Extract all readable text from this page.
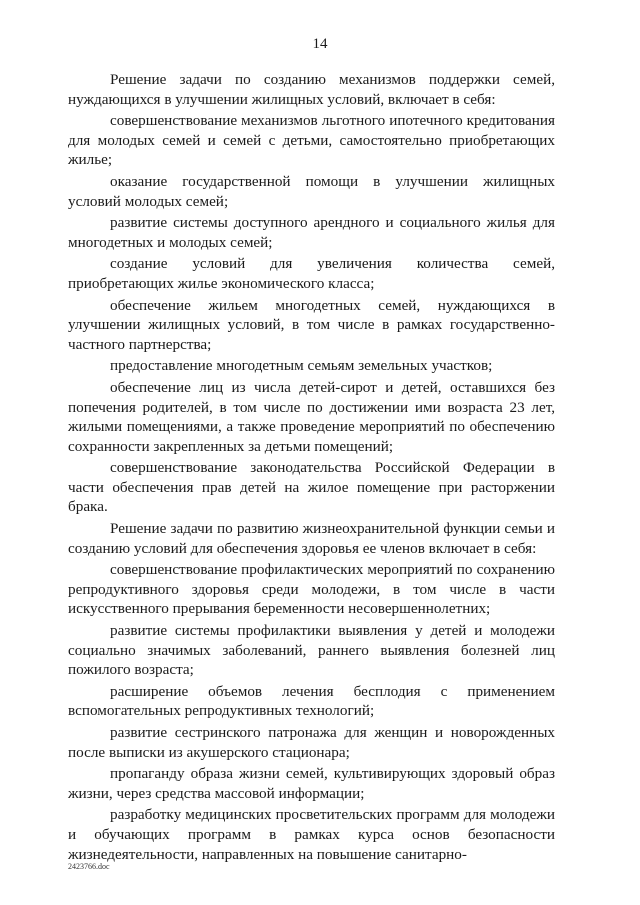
14

Решение задачи по созданию механизмов поддержки семей, нуждающихся в улучшении жилищных условий, включает в себя:

совершенствование механизмов льготного ипотечного кредитования для молодых семей и семей с детьми, самостоятельно приобретающих жилье;

оказание государственной помощи в улучшении жилищных условий молодых семей;

развитие системы доступного арендного и социального жилья для многодетных и молодых семей;

создание условий для увеличения количества семей, приобретающих жилье экономического класса;

обеспечение жильем многодетных семей, нуждающихся в улучшении жилищных условий, в том числе в рамках государственно-частного партнерства;

предоставление многодетным семьям земельных участков;

обеспечение лиц из числа детей-сирот и детей, оставшихся без попечения родителей, в том числе по достижении ими возраста 23 лет, жилыми помещениями, а также проведение мероприятий по обеспечению сохранности закрепленных за детьми помещений;

совершенствование законодательства Российской Федерации в части обеспечения прав детей на жилое помещение при расторжении брака.

Решение задачи по развитию жизнеохранительной функции семьи и созданию условий для обеспечения здоровья ее членов включает в себя:

совершенствование профилактических мероприятий по сохранению репродуктивного здоровья среди молодежи, в том числе в части искусственного прерывания беременности несовершеннолетних;

развитие системы профилактики выявления у детей и молодежи социально значимых заболеваний, раннего выявления болезней лиц пожилого возраста;

расширение объемов лечения бесплодия с применением вспомогательных репродуктивных технологий;

развитие сестринского патронажа для женщин и новорожденных после выписки из акушерского стационара;

пропаганду образа жизни семей, культивирующих здоровый образ жизни, через средства массовой информации;

разработку медицинских просветительских программ для молодежи и обучающих программ в рамках курса основ безопасности жизнедеятельности, направленных на повышение санитарно-

2423766.doc
